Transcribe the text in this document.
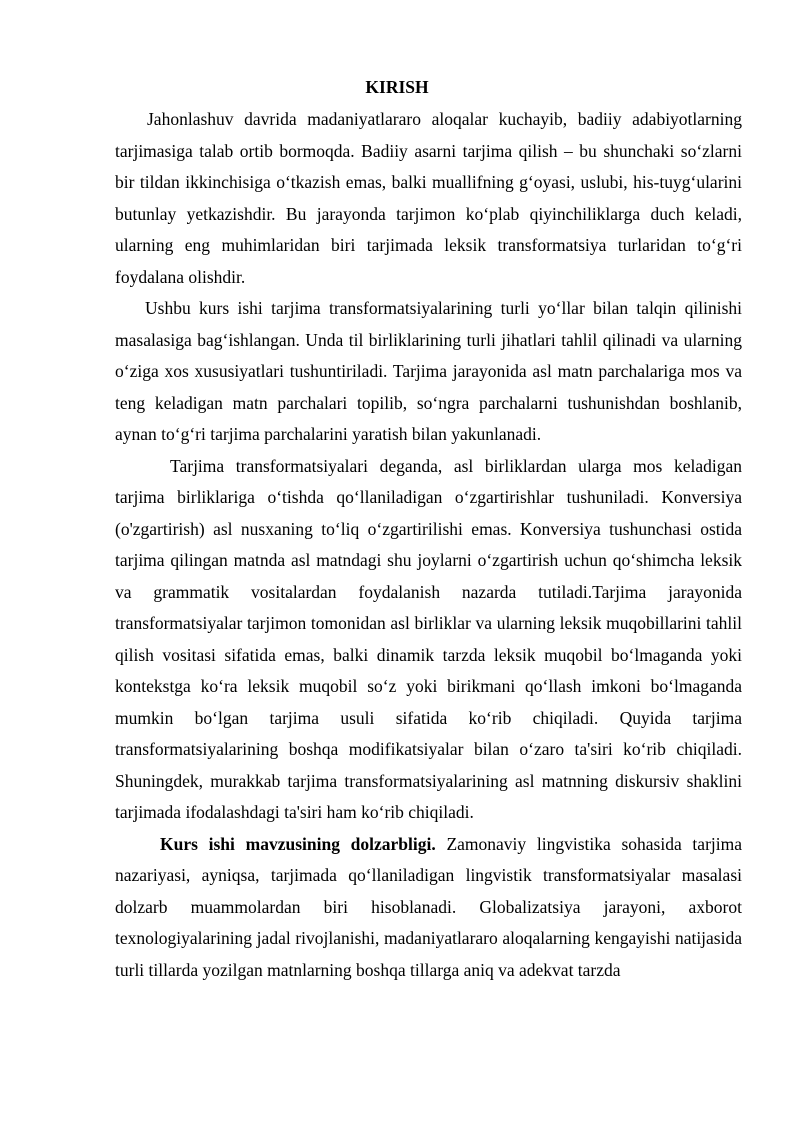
KIRISH

Jahonlashuv davrida madaniyatlararo aloqalar kuchayib, badiiy adabiyotlarning tarjimasiga talab ortib bormoqda. Badiiy asarni tarjima qilish – bu shunchaki so‘zlarni bir tildan ikkinchisiga o‘tkazish emas, balki muallifning g‘oyasi, uslubi, his-tuyg‘ularini butunlay yetkazishdir. Bu jarayonda tarjimon ko‘plab qiyinchiliklarga duch keladi, ularning eng muhimlaridan biri tarjimada leksik transformatsiya turlaridan to‘g‘ri foydalana olishdir.

Ushbu kurs ishi tarjima transformatsiyalarining turli yo‘llar bilan talqin qilinishi masalasiga bag‘ishlangan. Unda til birliklarining turli jihatlari tahlil qilinadi va ularning o‘ziga xos xususiyatlari tushuntiriladi. Tarjima jarayonida asl matn parchalariga mos va teng keladigan matn parchalari topilib, so‘ngra parchalarni tushunishdan boshlanib, aynan to‘g‘ri tarjima parchalarini yaratish bilan yakunlanadi.

Tarjima transformatsiyalari deganda, asl birliklardan ularga mos keladigan tarjima birliklariga o‘tishda qo‘llaniladigan o‘zgartirishlar tushuniladi. Konversiya (o'zgartirish) asl nusxaning to‘liq o‘zgartirilishi emas. Konversiya tushunchasi ostida tarjima qilingan matnda asl matndagi shu joylarni o‘zgartirish uchun qo‘shimcha leksik va grammatik vositalardan foydalanish nazarda tutiladi.Tarjima jarayonida transformatsiyalar tarjimon tomonidan asl birliklar va ularning leksik muqobillarini tahlil qilish vositasi sifatida emas, balki dinamik tarzda leksik muqobil bo‘lmaganda yoki kontekstga ko‘ra leksik muqobil so‘z yoki birikmani qo‘llash imkoni bo‘lmaganda mumkin bo‘lgan tarjima usuli sifatida ko‘rib chiqiladi. Quyida tarjima transformatsiyalarining boshqa modifikatsiyalar bilan o‘zaro ta'siri ko‘rib chiqiladi. Shuningdek, murakkab tarjima transformatsiyalarining asl matnning diskursiv shaklini tarjimada ifodalashdagi ta'siri ham ko‘rib chiqiladi.

Kurs ishi mavzusining dolzarbligi. Zamonaviy lingvistika sohasida tarjima nazariyasi, ayniqsa, tarjimada qo‘llaniladigan lingvistik transformatsiyalar masalasi dolzarb muammolardan biri hisoblanadi. Globalizatsiya jarayoni, axborot texnologiyalarining jadal rivojlanishi, madaniyatlararo aloqalarning kengayishi natijasida turli tillarda yozilgan matnlarning boshqa tillarga aniq va adekvat tarzda
